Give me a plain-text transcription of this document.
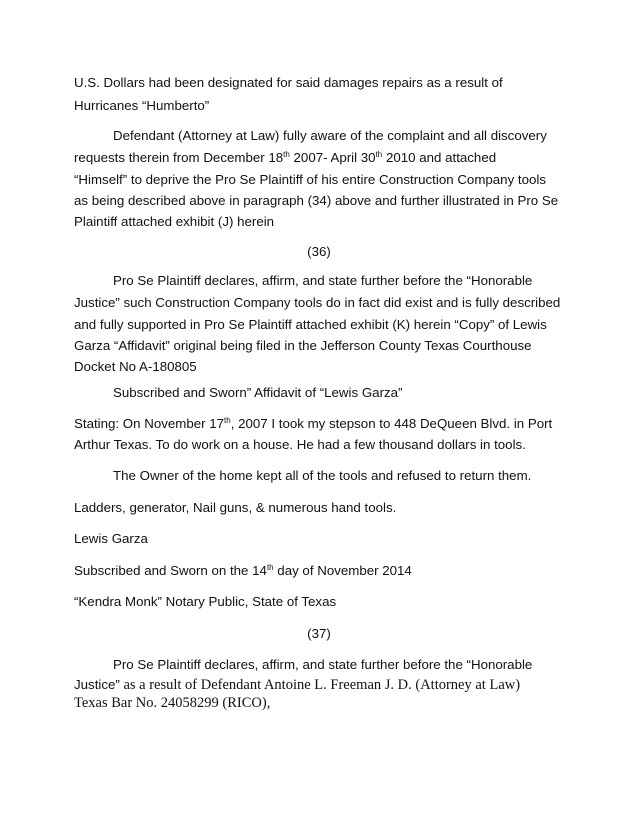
U.S. Dollars had been designated for said damages repairs as a result of
Hurricanes “Humberto”
Defendant (Attorney at Law) fully aware of the complaint and all discovery
requests therein from December 18th 2007- April 30th 2010 and attached
“Himself” to deprive the Pro Se Plaintiff of his entire Construction Company tools
as being described above in paragraph (34) above and further illustrated in Pro Se
Plaintiff attached exhibit (J) herein
(36)
Pro Se Plaintiff declares, affirm, and state further before the “Honorable
Justice” such Construction Company tools do in fact did exist and is fully described
and fully supported in Pro Se Plaintiff attached exhibit (K) herein “Copy” of Lewis
Garza “Affidavit” original being filed in the Jefferson County Texas Courthouse
Docket No A-180805
Subscribed and Sworn” Affidavit of “Lewis Garza”
Stating: On November 17th, 2007 I took my stepson to 448 DeQueen Blvd. in Port
Arthur Texas. To do work on a house. He had a few thousand dollars in tools.
The Owner of the home kept all of the tools and refused to return them.
Ladders, generator, Nail guns, & numerous hand tools.
Lewis Garza
Subscribed and Sworn on the 14th day of November 2014
“Kendra Monk” Notary Public, State of Texas
(37)
Pro Se Plaintiff declares, affirm, and state further before the “Honorable
Justice” as a result of Defendant Antoine L. Freeman J. D. (Attorney at Law)
Texas Bar No. 24058299 (RICO),
